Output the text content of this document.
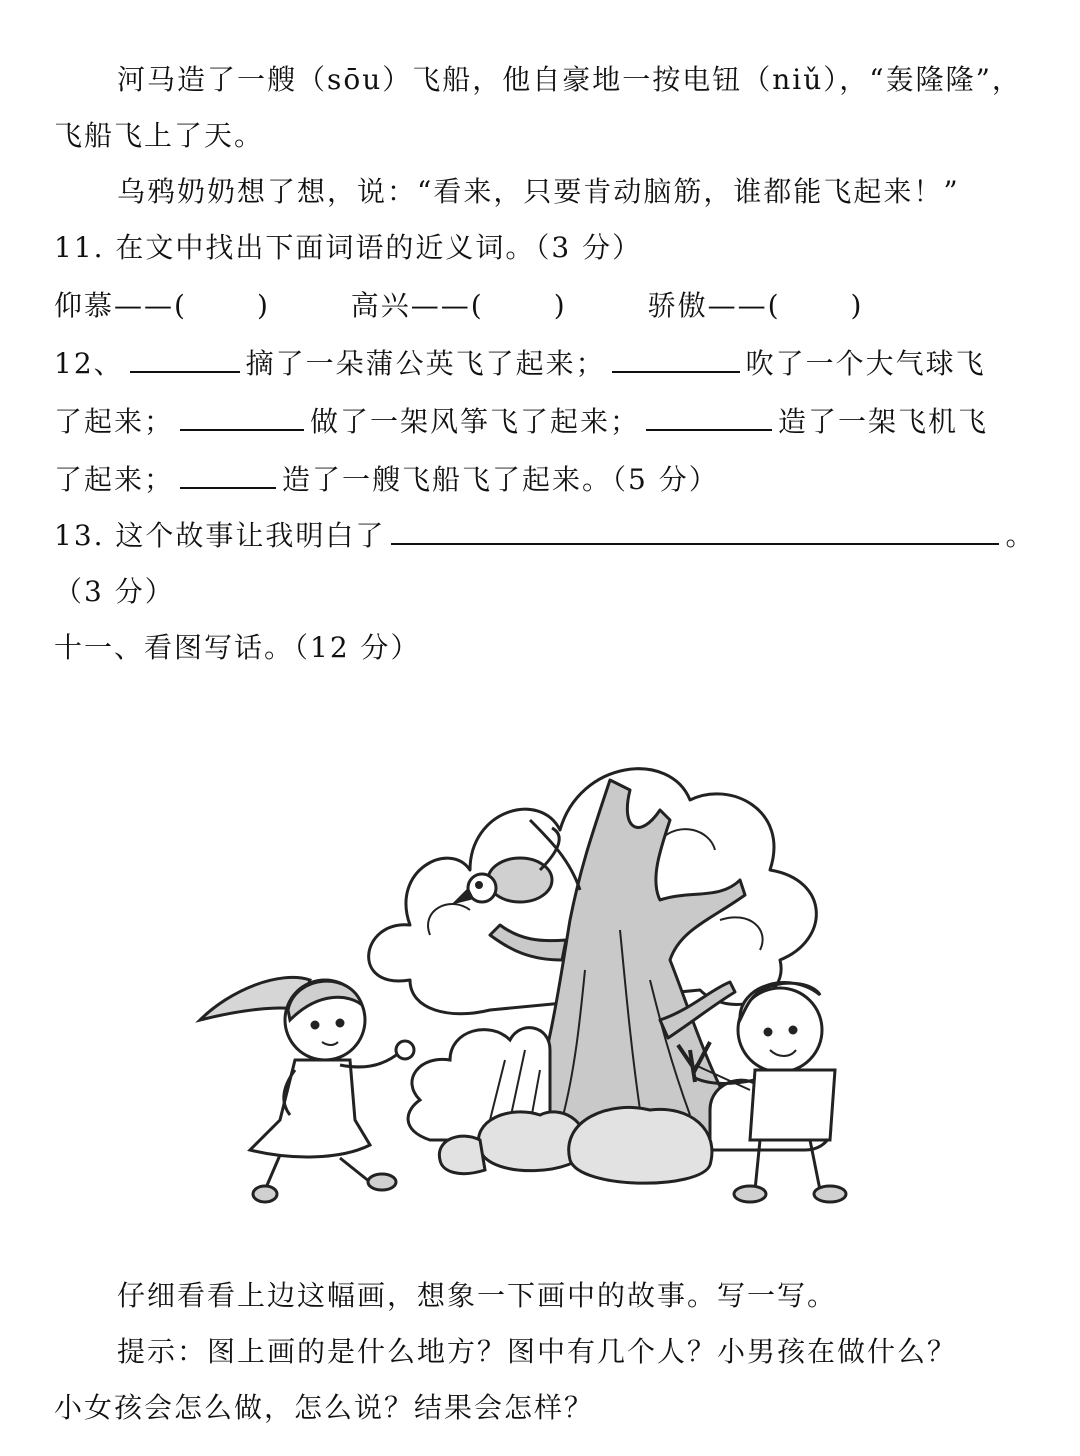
河马造了一艘（sōu）飞船，他自豪地一按电钮（niǔ），“轰隆隆”，
飞船飞上了天。
乌鸦奶奶想了想，说：“看来，只要肯动脑筋，谁都能飞起来！”
11. 在文中找出下面词语的近义词。（3 分）
仰慕——(	)	高兴——(	)	骄傲——(	)
12、	摘了一朵蒲公英飞了起来；	吹了一个大气球飞
了起来；	做了一架风筝飞了起来；	造了一架飞机飞
了起来；	造了一艘飞船飞了起来。（5 分）
13. 这个故事让我明白了	。
（3 分）
十一、看图写话。（12 分）
仔细看看上边这幅画，想象一下画中的故事。写一写。
提示：图上画的是什么地方？图中有几个人？小男孩在做什么？
小女孩会怎么做，怎么说？结果会怎样？
